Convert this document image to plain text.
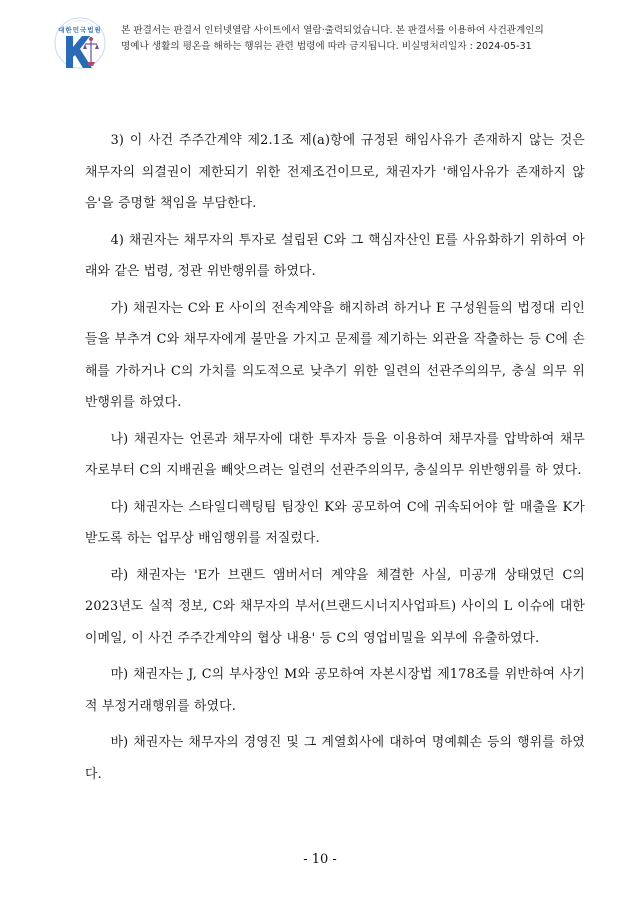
대한민국법원	본 판결서는 판결서 인터넷열람 사이트에서 열람·출력되었습니다. 본 판결서를 이용하여 사건관계인의
명예나 생활의 평온을 해하는 행위는 관련 법령에 따라 금지됩니다. 비실명처리일자 : 2024-05-31

3) 이 사건 주주간계약 제2.1조 제(a)항에 규정된 해임사유가 존재하지 않는 것은 채무자의 의결권이 제한되기 위한 전제조건이므로, 채권자가 '해임사유가 존재하지 않 음'을 증명할 책임을 부담한다.

4) 채권자는 채무자의 투자로 설립된 C와 그 핵심자산인 E를 사유화하기 위하여 아래와 같은 법령, 정관 위반행위를 하였다.

가) 채권자는 C와 E 사이의 전속계약을 해지하려 하거나 E 구성원들의 법정대 리인들을 부추겨 C와 채무자에게 불만을 가지고 문제를 제기하는 외관을 작출하는 등 C에 손해를 가하거나 C의 가치를 의도적으로 낮추기 위한 일련의 선관주의의무, 충실 의무 위반행위를 하였다.

나) 채권자는 언론과 채무자에 대한 투자자 등을 이용하여 채무자를 압박하여 채무자로부터 C의 지배권을 빼앗으려는 일련의 선관주의의무, 충실의무 위반행위를 하 였다.

다) 채권자는 스타일디렉팅팀 팀장인 K와 공모하여 C에 귀속되어야 할 매출을 K가 받도록 하는 업무상 배임행위를 저질렀다.

라) 채권자는 'E가 브랜드 앰버서더 계약을 체결한 사실, 미공개 상태였던 C의 2023년도 실적 정보, C와 채무자의 부서(브랜드시너지사업파트) 사이의 L 이슈에 대한 이메일, 이 사건 주주간계약의 협상 내용' 등 C의 영업비밀을 외부에 유출하였다.

마) 채권자는 J, C의 부사장인 M와 공모하여 자본시장법 제178조를 위반하여 사기적 부정거래행위를 하였다.

바) 채권자는 채무자의 경영진 및 그 계열회사에 대하여 명예훼손 등의 행위를 하였다.

- 10 -
